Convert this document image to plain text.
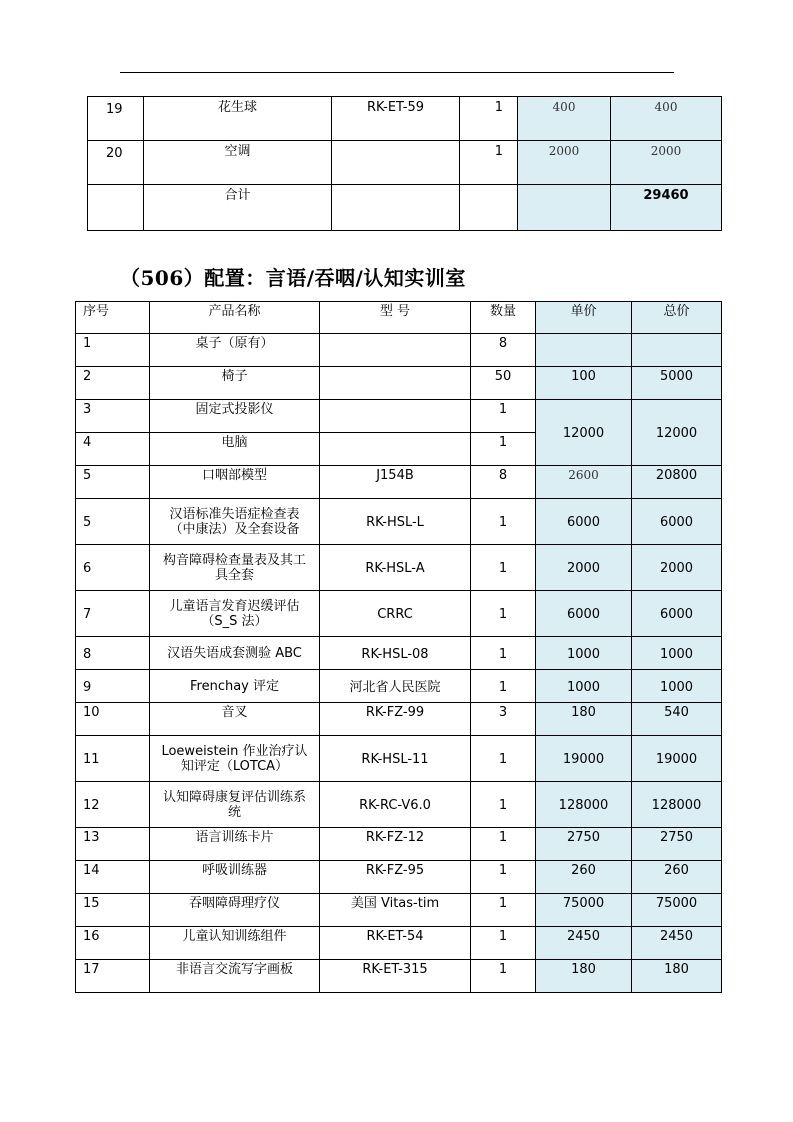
19	花生球	RK-ET-59	1	400	400
20	空调		1	2000	2000
	合计				29460
（506）配置：言语/吞咽/认知实训室
序号	产品名称	型 号	数量	单价	总价
1	桌子（原有）		8		
2	椅子		50	100	5000
3	固定式投影仪		1	12000	12000
4	电脑		1		
5	口咽部模型	J154B	8	2600	20800
5	汉语标准失语症检查表（中康法）及全套设备	RK-HSL-L	1	6000	6000
6	构音障碍检查量表及其工具全套	RK-HSL-A	1	2000	2000
7	儿童语言发育迟缓评估（S_S 法）	CRRC	1	6000	6000
8	汉语失语成套测验 ABC	RK-HSL-08	1	1000	1000
9	Frenchay 评定	河北省人民医院	1	1000	1000
10	音叉	RK-FZ-99	3	180	540
11	Loeweistein 作业治疗认知评定（LOTCA）	RK-HSL-11	1	19000	19000
12	认知障碍康复评估训练系统	RK-RC-V6.0	1	128000	128000
13	语言训练卡片	RK-FZ-12	1	2750	2750
14	呼吸训练器	RK-FZ-95	1	260	260
15	吞咽障碍理疗仪	美国 Vitas-tim	1	75000	75000
16	儿童认知训练组件	RK-ET-54	1	2450	2450
17	非语言交流写字画板	RK-ET-315	1	180	180
